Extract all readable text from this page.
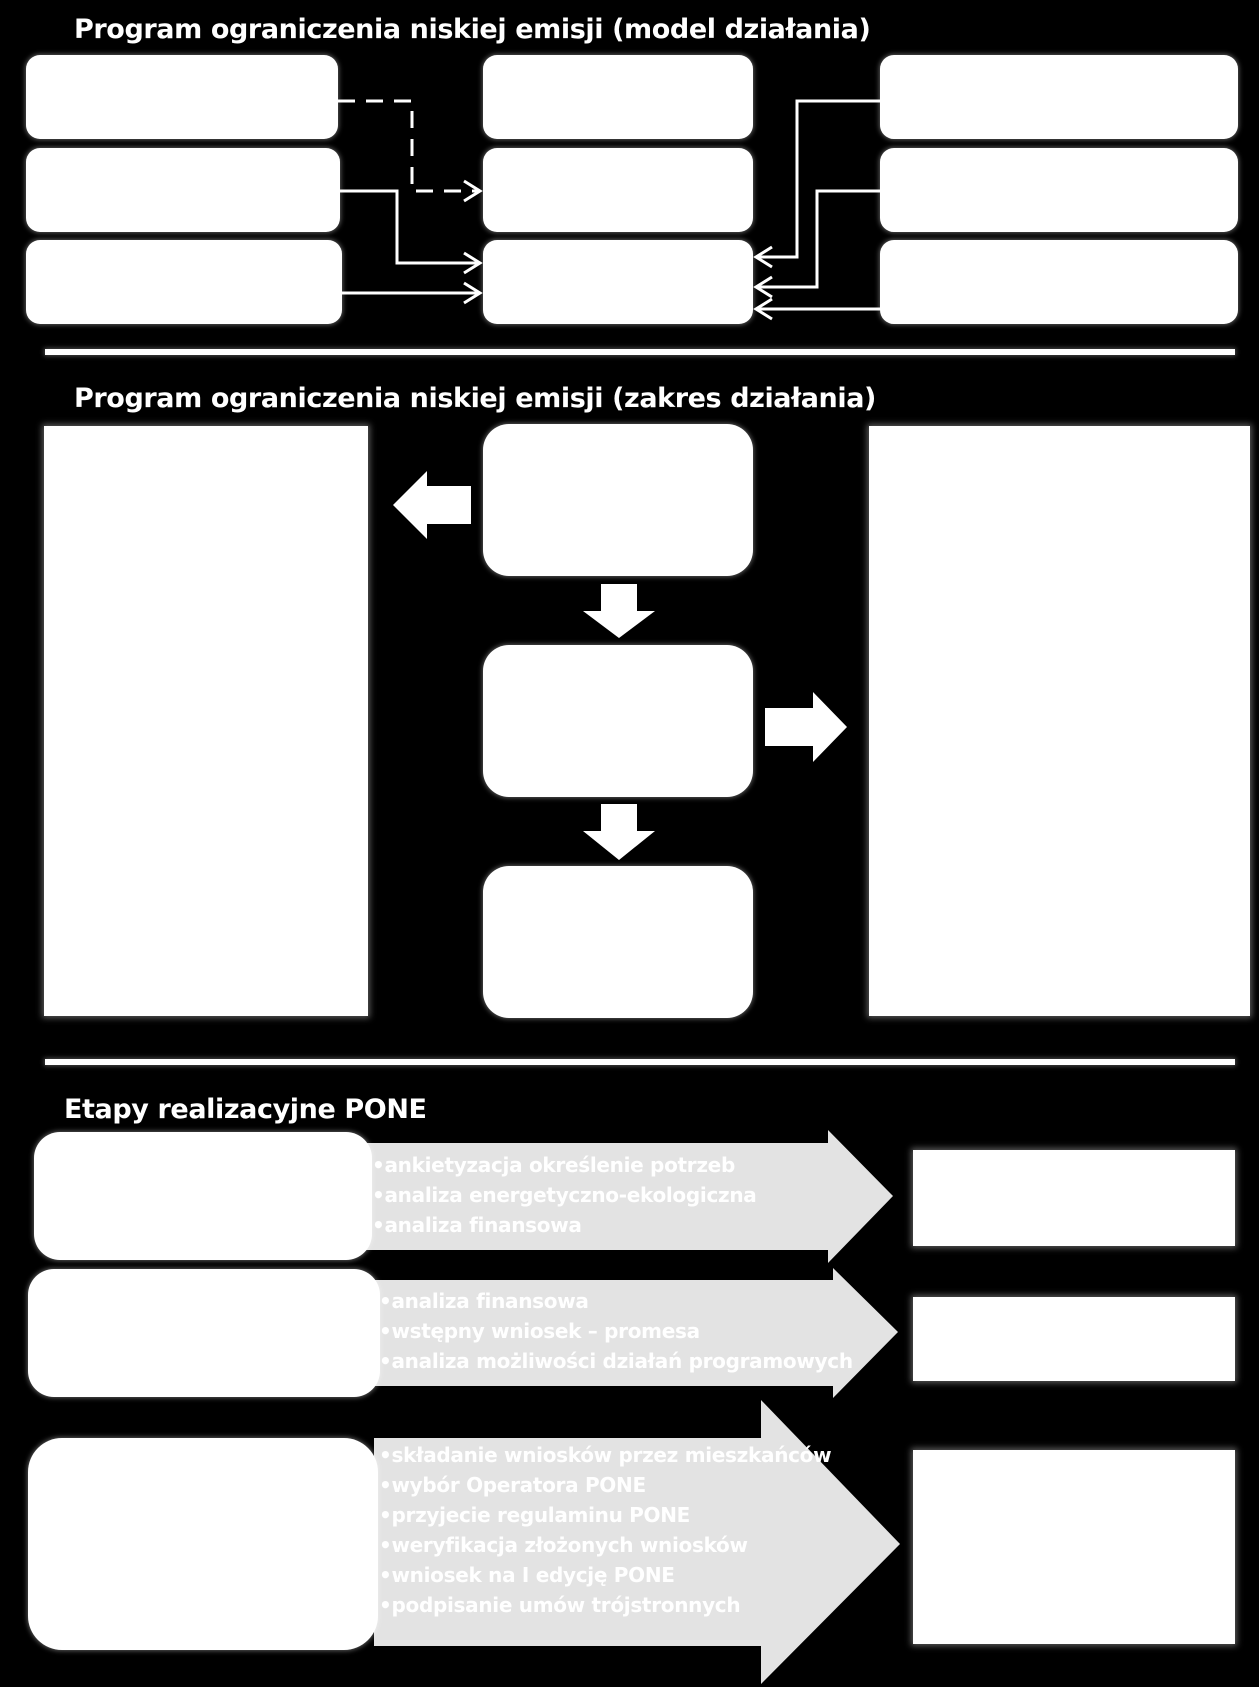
Program ograniczenia niskiej emisji (model działania)
Program ograniczenia niskiej emisji (zakres działania)
Etapy realizacyjne PONE
• ankietyzacja określenie potrzeb
• analiza energetyczno-ekologiczna
• analiza finansowa
• analiza finansowa
• wstępny wniosek – promesa
• analiza możliwości działań programowych
• składanie wniosków przez mieszkańców
• wybór Operatora PONE
• przyjecie regulaminu PONE
• weryfikacja złożonych wniosków
• wniosek na I edycję PONE
• podpisanie umów trójstronnych
